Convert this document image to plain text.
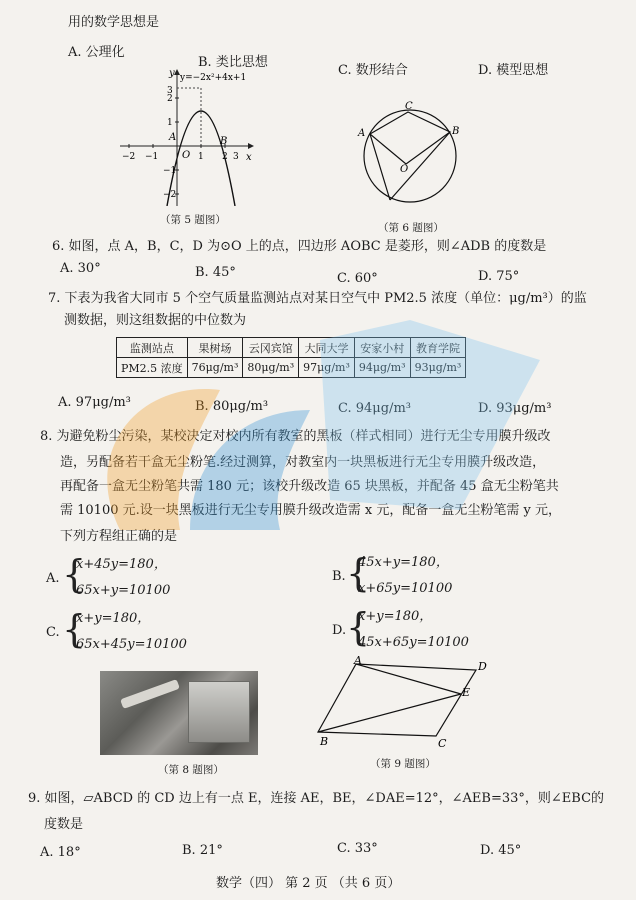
用的数学思想是
A. 公理化
B. 类比思想
C. 数形结合	D. 模型思想
y
x
O
y=−2x²+4x+1
A	B
−2 −1	1 2 3
2
1
−1
−2
3
（第 5 题图）
A	B
C
O
（第 6 题图）
6. 如图，点 A，B，C，D 为⊙O 上的点，四边形 AOBC 是菱形，则∠ADB 的度数是
A. 30°	B. 45°	C. 60°	D. 75°
7. 下表为我省大同市 5 个空气质量监测站点对某日空气中 PM2.5 浓度（单位：μg/m³）的监
测数据，则这组数据的中位数为
监测站点	果树场	云冈宾馆	大同大学	安家小村	教育学院
PM2.5 浓度	76μg/m³	80μg/m³	97μg/m³	94μg/m³	93μg/m³
A. 97μg/m³	B. 80μg/m³	C. 94μg/m³	D. 93μg/m³
8. 为避免粉尘污染，某校决定对校内所有教室的黑板（样式相同）进行无尘专用膜升级改
造，另配备若干盒无尘粉笔.经过测算，对教室内一块黑板进行无尘专用膜升级改造，
再配备一盒无尘粉笔共需 180 元；该校升级改造 65 块黑板，并配备 45 盒无尘粉笔共
需 10100 元.设一块黑板进行无尘专用膜升级改造需 x 元，配备一盒无尘粉笔需 y 元，
下列方程组正确的是
A. {
x+45y=180，
65x+y=10100
B. {
45x+y=180，
x+65y=10100
C. {
x+y=180，
65x+45y=10100
D. {
x+y=180，
45x+65y=10100
（第 8 题图）
A	D
E
B	C
（第 9 题图）
9. 如图，▱ABCD 的 CD 边上有一点 E，连接 AE，BE，∠DAE=12°，∠AEB=33°，则∠EBC的
度数是
A. 18°	B. 21°	C. 33°	D. 45°
数学（四） 第 2 页 （共 6 页）
